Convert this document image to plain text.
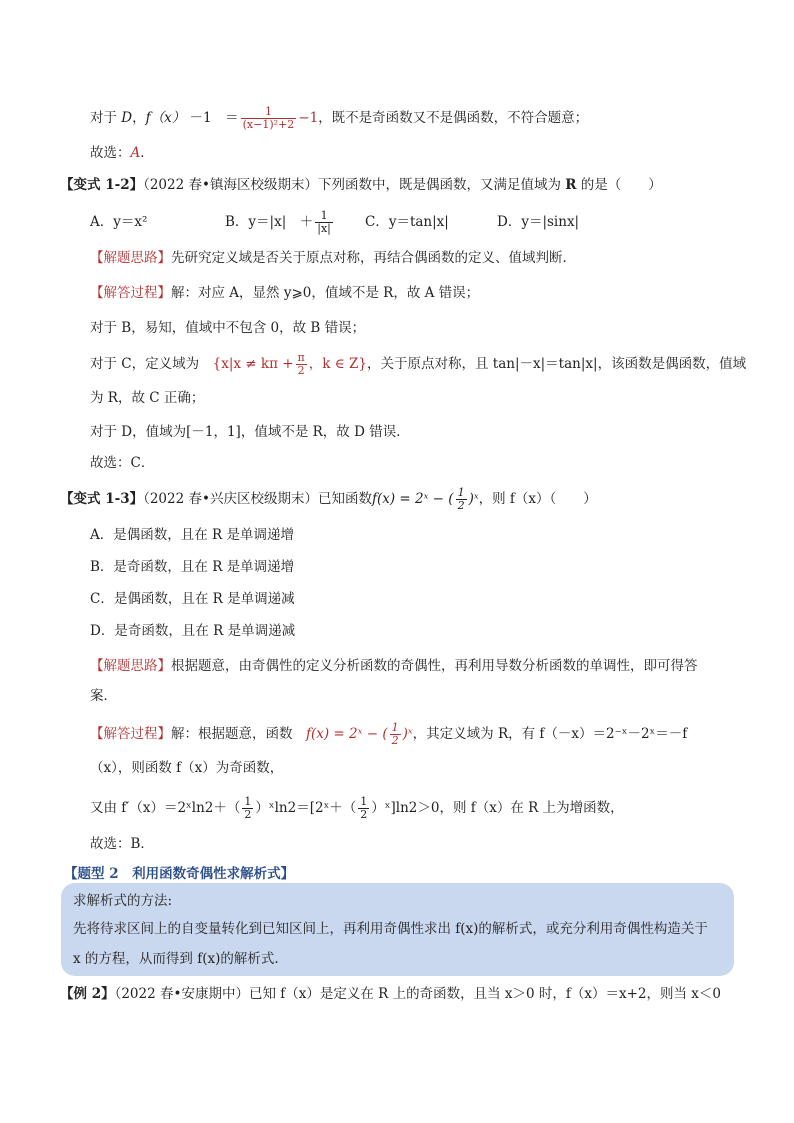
对于 D，f（x） －1　 ＝ $\frac{1}{\text{(x−1)²+2}} -1$，既不是奇函数又不是偶函数，不符合题意；
故选：A．
【变式 1-2】（2022 春•镇海区校级期末）下列函数中，既是偶函数，又满足值域为 R 的是（　　）
A．y＝x²	B．y＝|x|　＋ $\frac{1}{|x|}$ C．y＝tan|x|	D．y＝|sinx|
【解题思路】先研究定义域是否关于原点对称，再结合偶函数的定义、值域判断．
【解答过程】解：对应 A，显然 y⩾0，值域不是 R，故 A 错误；
对于 B，易知，值域中不包含 0，故 B 错误；
对于 C，定义域为　 {$x|x \ne k\pi + \frac{\pi}{2}$ ，k ∈ Z}，关于原点对称，且 tan|－x|＝tan|x|，该函数是偶函数，值域
为 R，故 C 正确；
对于 D，值域为[－1，1]，值域不是 R，故 D 错误．
故选：C．
【变式 1-3】（2022 春•兴庆区校级期末）已知函数f(x) = 2ˣ − ( $\frac{1}{2}$ )ˣ，则 f（x）（　　）
A．是偶函数，且在 R 是单调递增
B．是奇函数，且在 R 是单调递增
C．是偶函数，且在 R 是单调递减
D．是奇函数，且在 R 是单调递减
【解题思路】根据题意，由奇偶性的定义分析函数的奇偶性，再利用导数分析函数的单调性，即可得答
案．
【解答过程】解：根据题意，函数　 f(x) = 2ˣ − ( $\frac{1}{2}$ )ˣ，其定义域为 R，有 f（－x）＝2⁻ˣ－2ˣ＝－f
（x），则函数 f（x）为奇函数，
又由 f′（x）＝2ˣln2＋（ $\frac{1}{2}$ ）ˣln2＝[2ˣ＋（ $\frac{1}{2}$ ）ˣ]ln2＞0，则 f（x）在 R 上为增函数，
故选：B．
【题型 2　利用函数奇偶性求解析式】
求解析式的方法:
先将待求区间上的自变量转化到已知区间上，再利用奇偶性求出 f(x)的解析式，或充分利用奇偶性构造关于
x 的方程，从而得到 f(x)的解析式.
【例 2】（2022 春•安康期中）已知 f（x）是定义在 R 上的奇函数，且当 x＞0 时，f（x）＝x+2，则当 x＜0
